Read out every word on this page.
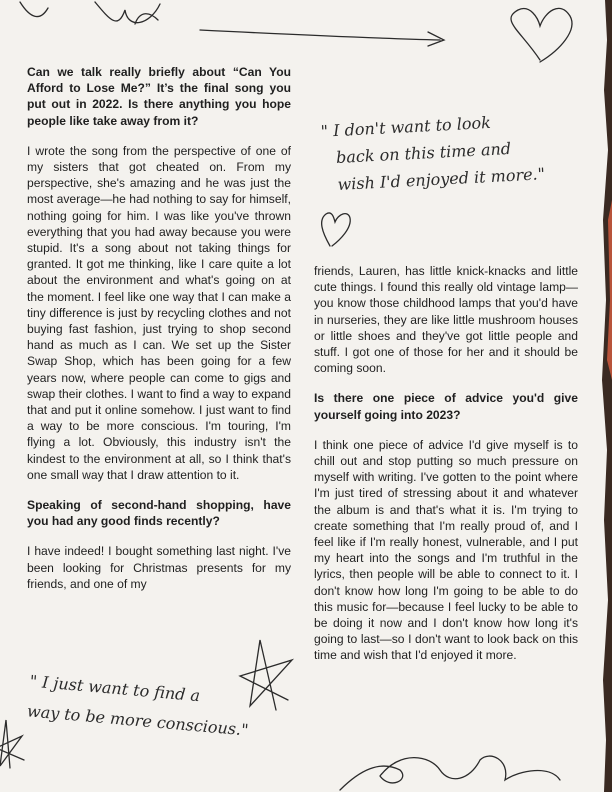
Can we talk really briefly about “Can You Afford to Lose Me?” It’s the final song you put out in 2022. Is there anything you hope people like take away from it?

I wrote the song from the perspective of one of my sisters that got cheated on. From my perspective, she's amazing and he was just the most average—he had nothing to say for himself, nothing going for him. I was like you've thrown everything that you had away because you were stupid. It's a song about not taking things for granted. It got me thinking, like I care quite a lot about the environment and what's going on at the moment. I feel like one way that I can make a tiny difference is just by recycling clothes and not buying fast fashion, just trying to shop second hand as much as I can. We set up the Sister Swap Shop, which has been going for a few years now, where people can come to gigs and swap their clothes. I want to find a way to expand that and put it online somehow. I just want to find a way to be more conscious. I'm touring, I'm flying a lot. Obviously, this industry isn't the kindest to the environment at all, so I think that's one small way that I draw attention to it.

Speaking of second-hand shopping, have you had any good finds recently?

I have indeed! I bought something last night. I've been looking for Christmas presents for my friends, and one of my

friends, Lauren, has little knick-knacks and little cute things. I found this really old vintage lamp— you know those childhood lamps that you'd have in nurseries, they are like little mushroom houses or little shoes and they've got little people and stuff. I got one of those for her and it should be coming soon.

Is there one piece of advice you'd give yourself going into 2023?

I think one piece of advice I'd give myself is to chill out and stop putting so much pressure on myself with writing. I've gotten to the point where I'm just tired of stressing about it and whatever the album is and that's what it is. I'm trying to create something that I'm really proud of, and I feel like if I'm really honest, vulnerable, and I put my heart into the songs and I'm truthful in the lyrics, then people will be able to connect to it. I don't know how long I'm going to be able to do this music for—because I feel lucky to be able to be doing it now and I don't know how long it's going to last—so I don't want to look back on this time and wish that I'd enjoyed it more.

" I don't want to look
back on this time and
wish I'd enjoyed it more."
" I just want to find a
way to be more conscious."
